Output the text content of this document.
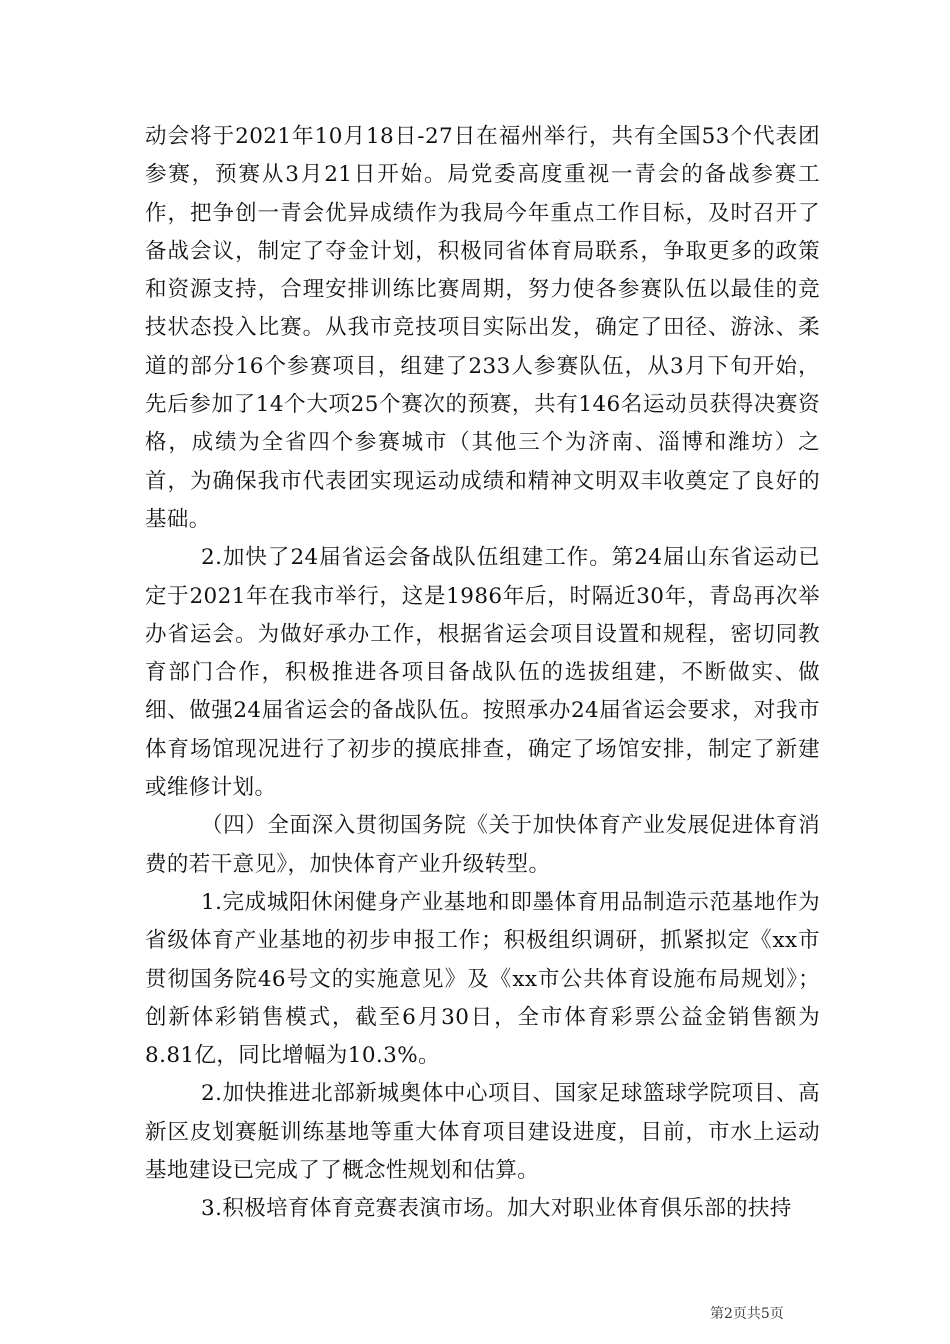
动会将于2021年10月18日-27日在福州举行，共有全国53个代表团参赛，预赛从3月21日开始。局党委高度重视一青会的备战参赛工作，把争创一青会优异成绩作为我局今年重点工作目标，及时召开了备战会议，制定了夺金计划，积极同省体育局联系，争取更多的政策和资源支持，合理安排训练比赛周期，努力使各参赛队伍以最佳的竞技状态投入比赛。从我市竞技项目实际出发，确定了田径、游泳、柔道的部分16个参赛项目，组建了233人参赛队伍，从3月下旬开始，先后参加了14个大项25个赛次的预赛，共有146名运动员获得决赛资格，成绩为全省四个参赛城市（其他三个为济南、淄博和潍坊）之首，为确保我市代表团实现运动成绩和精神文明双丰收奠定了良好的基础。

2.加快了24届省运会备战队伍组建工作。第24届山东省运动已定于2021年在我市举行，这是1986年后，时隔近30年，青岛再次举办省运会。为做好承办工作，根据省运会项目设置和规程，密切同教育部门合作，积极推进各项目备战队伍的选拔组建，不断做实、做细、做强24届省运会的备战队伍。按照承办24届省运会要求，对我市体育场馆现况进行了初步的摸底排查，确定了场馆安排，制定了新建或维修计划。

（四）全面深入贯彻国务院《关于加快体育产业发展促进体育消费的若干意见》，加快体育产业升级转型。

1.完成城阳休闲健身产业基地和即墨体育用品制造示范基地作为省级体育产业基地的初步申报工作；积极组织调研，抓紧拟定《xx市贯彻国务院46号文的实施意见》及《xx市公共体育设施布局规划》；创新体彩销售模式，截至6月30日，全市体育彩票公益金销售额为8.81亿，同比增幅为10.3%。

2.加快推进北部新城奥体中心项目、国家足球篮球学院项目、高新区皮划赛艇训练基地等重大体育项目建设进度，目前，市水上运动基地建设已完成了了概念性规划和估算。

3.积极培育体育竞赛表演市场。加大对职业体育俱乐部的扶持

第2页共5页
